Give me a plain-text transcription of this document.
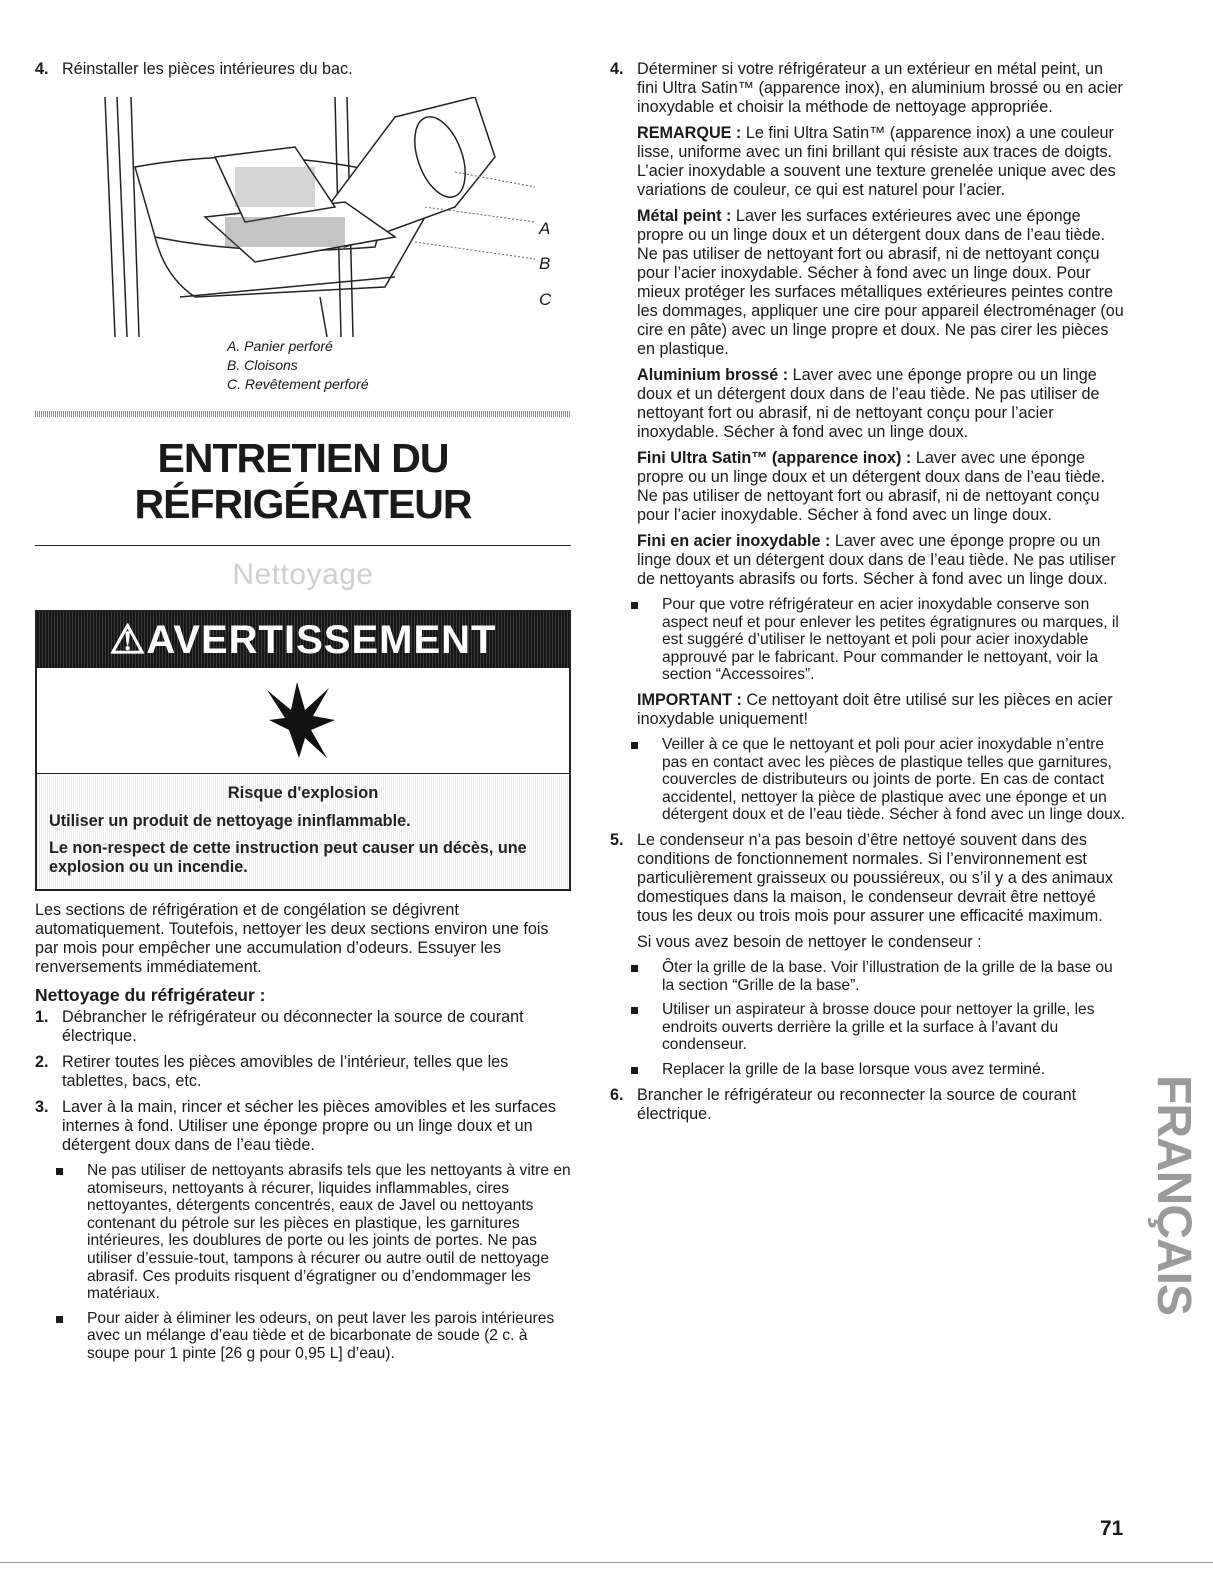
4. Réinstaller les pièces intérieures du bac.

A
B
C
A. Panier perforé
B. Cloisons
C. Revêtement perforé
ENTRETIEN DU
RÉFRIGÉRATEUR
Nettoyage
⚠AVERTISSEMENT
Risque d'explosion
Utiliser un produit de nettoyage ininflammable.
Le non-respect de cette instruction peut causer un décès, une explosion ou un incendie.

Les sections de réfrigération et de congélation se dégivrent automatiquement. Toutefois, nettoyer les deux sections environ une fois par mois pour empêcher une accumulation d’odeurs. Essuyer les renversements immédiatement.

Nettoyage du réfrigérateur :
1. Débrancher le réfrigérateur ou déconnecter la source de courant électrique.

2. Retirer toutes les pièces amovibles de l’intérieur, telles que les tablettes, bacs, etc.

3. Laver à la main, rincer et sécher les pièces amovibles et les surfaces internes à fond. Utiliser une éponge propre ou un linge doux et un détergent doux dans de l’eau tiède.

Ne pas utiliser de nettoyants abrasifs tels que les nettoyants à vitre en atomiseurs, nettoyants à récurer, liquides inflammables, cires nettoyantes, détergents concentrés, eaux de Javel ou nettoyants contenant du pétrole sur les pièces en plastique, les garnitures intérieures, les doublures de porte ou les joints de portes. Ne pas utiliser d’essuie-tout, tampons à récurer ou autre outil de nettoyage abrasif. Ces produits risquent d’égratigner ou d’endommager les matériaux.

Pour aider à éliminer les odeurs, on peut laver les parois intérieures avec un mélange d’eau tiède et de bicarbonate de soude (2 c. à soupe pour 1 pinte [26 g pour 0,95 L] d’eau).

4. Déterminer si votre réfrigérateur a un extérieur en métal peint, un fini Ultra Satin™ (apparence inox), en aluminium brossé ou en acier inoxydable et choisir la méthode de nettoyage appropriée.

REMARQUE : Le fini Ultra Satin™ (apparence inox) a une couleur lisse, uniforme avec un fini brillant qui résiste aux traces de doigts. L’acier inoxydable a souvent une texture grenelée unique avec des variations de couleur, ce qui est naturel pour l’acier.

Métal peint : Laver les surfaces extérieures avec une éponge propre ou un linge doux et un détergent doux dans de l’eau tiède. Ne pas utiliser de nettoyant fort ou abrasif, ni de nettoyant conçu pour l’acier inoxydable. Sécher à fond avec un linge doux. Pour mieux protéger les surfaces métalliques extérieures peintes contre les dommages, appliquer une cire pour appareil électroménager (ou cire en pâte) avec un linge propre et doux. Ne pas cirer les pièces en plastique.

Aluminium brossé : Laver avec une éponge propre ou un linge doux et un détergent doux dans de l’eau tiède. Ne pas utiliser de nettoyant fort ou abrasif, ni de nettoyant conçu pour l’acier inoxydable. Sécher à fond avec un linge doux.

Fini Ultra Satin™ (apparence inox) : Laver avec une éponge propre ou un linge doux et un détergent doux dans de l’eau tiède. Ne pas utiliser de nettoyant fort ou abrasif, ni de nettoyant conçu pour l’acier inoxydable. Sécher à fond avec un linge doux.

Fini en acier inoxydable : Laver avec une éponge propre ou un linge doux et un détergent doux dans de l’eau tiède. Ne pas utiliser de nettoyants abrasifs ou forts. Sécher à fond avec un linge doux.

Pour que votre réfrigérateur en acier inoxydable conserve son aspect neuf et pour enlever les petites égratignures ou marques, il est suggéré d’utiliser le nettoyant et poli pour acier inoxydable approuvé par le fabricant. Pour commander le nettoyant, voir la section “Accessoires”.

IMPORTANT : Ce nettoyant doit être utilisé sur les pièces en acier inoxydable uniquement!

Veiller à ce que le nettoyant et poli pour acier inoxydable n’entre pas en contact avec les pièces de plastique telles que garnitures, couvercles de distributeurs ou joints de porte. En cas de contact accidentel, nettoyer la pièce de plastique avec une éponge et un détergent doux et de l’eau tiède. Sécher à fond avec un linge doux.

5. Le condenseur n’a pas besoin d’être nettoyé souvent dans des conditions de fonctionnement normales. Si l’environnement est particulièrement graisseux ou poussiéreux, ou s’il y a des animaux domestiques dans la maison, le condenseur devrait être nettoyé tous les deux ou trois mois pour assurer une efficacité maximum.

Si vous avez besoin de nettoyer le condenseur :

Ôter la grille de la base. Voir l’illustration de la grille de la base ou la section “Grille de la base”.

Utiliser un aspirateur à brosse douce pour nettoyer la grille, les endroits ouverts derrière la grille et la surface à l’avant du condenseur.

Replacer la grille de la base lorsque vous avez terminé.

6. Brancher le réfrigérateur ou reconnecter la source de courant électrique.	FRANÇAIS
71
